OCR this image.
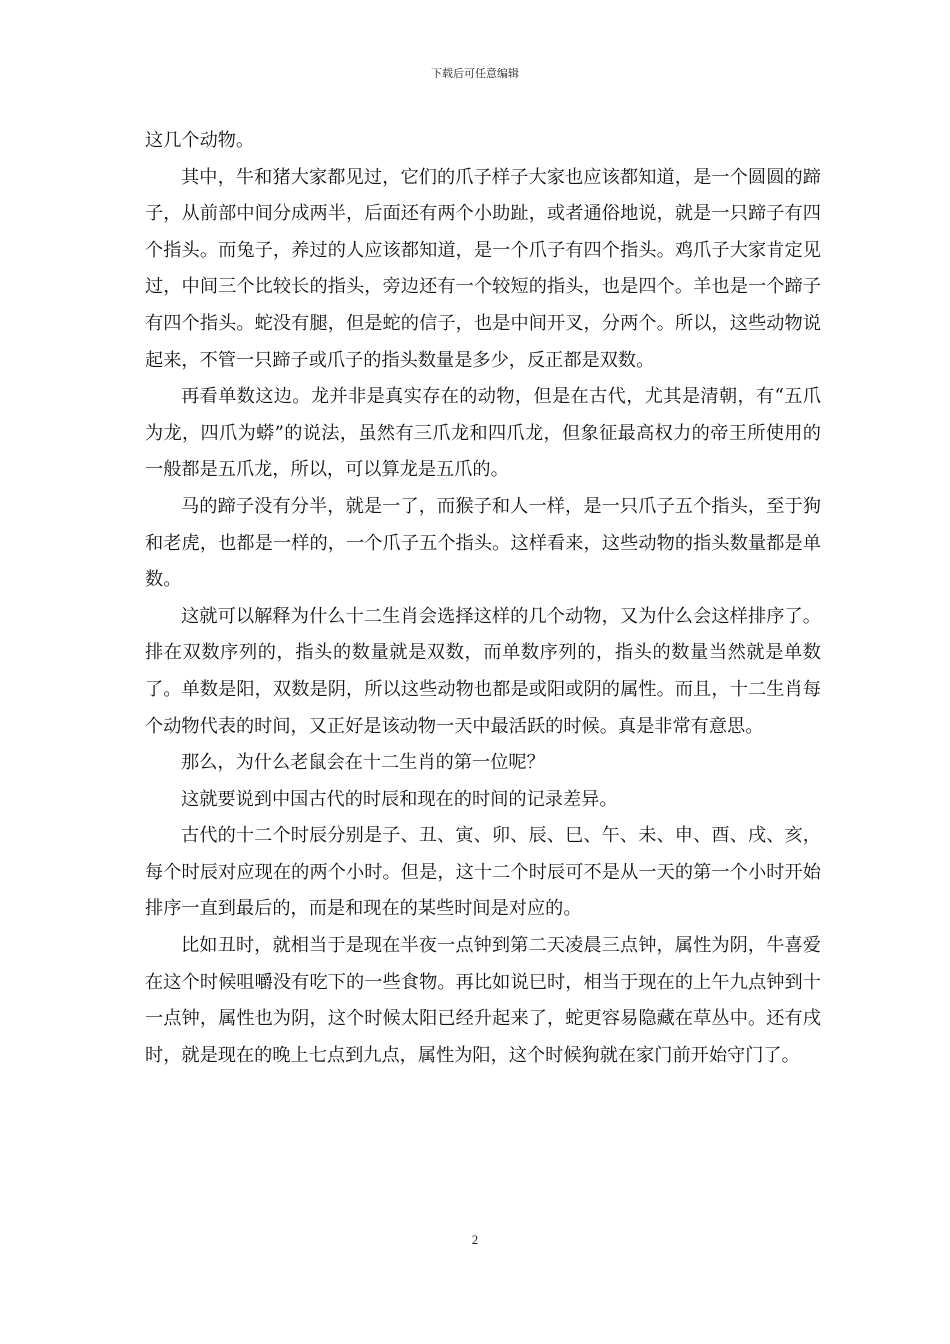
下载后可任意编辑

这几个动物。

其中，牛和猪大家都见过，它们的爪子样子大家也应该都知道，是一个圆圆的蹄子，从前部中间分成两半，后面还有两个小助趾，或者通俗地说，就是一只蹄子有四个指头。而兔子，养过的人应该都知道，是一个爪子有四个指头。鸡爪子大家肯定见过，中间三个比较长的指头，旁边还有一个较短的指头，也是四个。羊也是一个蹄子有四个指头。蛇没有腿，但是蛇的信子，也是中间开叉，分两个。所以，这些动物说起来，不管一只蹄子或爪子的指头数量是多少，反正都是双数。

再看单数这边。龙并非是真实存在的动物，但是在古代，尤其是清朝，有“五爪为龙，四爪为蟒”的说法，虽然有三爪龙和四爪龙，但象征最高权力的帝王所使用的一般都是五爪龙，所以，可以算龙是五爪的。

马的蹄子没有分半，就是一了，而猴子和人一样，是一只爪子五个指头，至于狗和老虎，也都是一样的，一个爪子五个指头。这样看来，这些动物的指头数量都是单数。

这就可以解释为什么十二生肖会选择这样的几个动物，又为什么会这样排序了。排在双数序列的，指头的数量就是双数，而单数序列的，指头的数量当然就是单数了。单数是阳，双数是阴，所以这些动物也都是或阳或阴的属性。而且，十二生肖每个动物代表的时间，又正好是该动物一天中最活跃的时候。真是非常有意思。

那么，为什么老鼠会在十二生肖的第一位呢？

这就要说到中国古代的时辰和现在的时间的记录差异。

古代的十二个时辰分别是子、丑、寅、卯、辰、巳、午、未、申、酉、戌、亥，每个时辰对应现在的两个小时。但是，这十二个时辰可不是从一天的第一个小时开始排序一直到最后的，而是和现在的某些时间是对应的。

比如丑时，就相当于是现在半夜一点钟到第二天凌晨三点钟，属性为阴，牛喜爱在这个时候咀嚼没有吃下的一些食物。再比如说巳时，相当于现在的上午九点钟到十一点钟，属性也为阴，这个时候太阳已经升起来了，蛇更容易隐藏在草丛中。还有戌时，就是现在的晚上七点到九点，属性为阳，这个时候狗就在家门前开始守门了。

2
